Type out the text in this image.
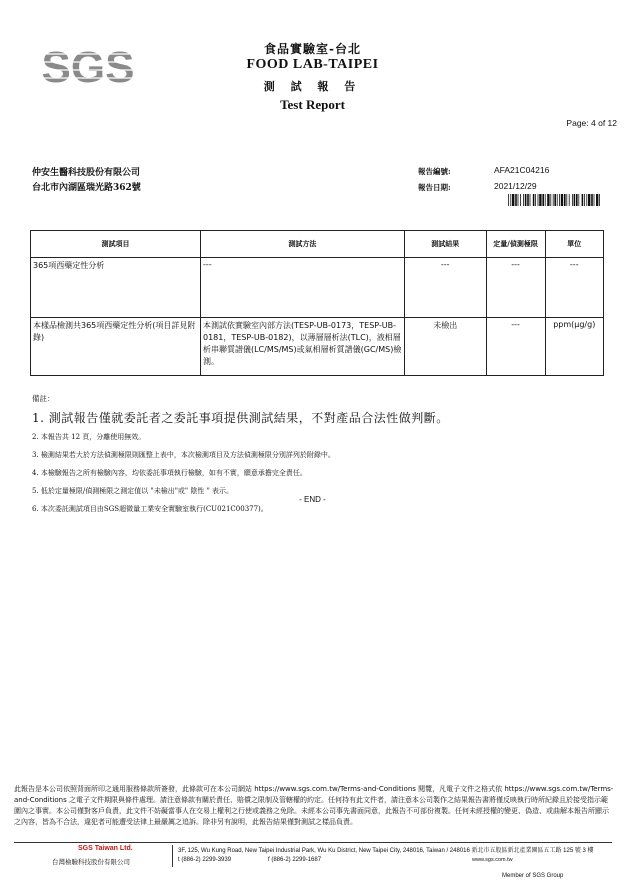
SGS	食品實驗室-台北
FOOD LAB-TAIPEI
測 試 報 告
Test Report
Page: 4 of 12
仲安生醫科技股份有限公司
台北市內湖區瑞光路362號
報告編號:	AFA21C04216
報告日期:	2021/12/29
測試項目	測試方法	測試結果	定量/偵測極限	單位
365項西藥定性分析	---	---	---	---
本樣品檢測共365項西藥定性分析(項目詳見附錄)	本測試依實驗室內部方法(TESP-UB-0173，TESP-UB-0181，TESP-UB-0182)，以薄層層析法(TLC)，液相層析串聯質譜儀(LC/MS/MS)或氣相層析質譜儀(GC/MS)檢測。	未檢出	---	ppm(μg/g)
備註：
1. 測試報告僅就委託者之委託事項提供測試結果，不對產品合法性做判斷。
2. 本報告共 12 頁，分離使用無效。
3. 檢測結果若大於方法偵測極限則匯整上表中，本次檢測項目及方法偵測極限分別詳列於附錄中。
4. 本檢驗報告之所有檢驗內容，均依委託事項執行檢驗，如有不實，願意承擔完全責任。
5. 低於定量極限/偵測極限之測定值以 "未檢出"或" 陰性 " 表示。
6. 本次委託測試項目由SGS超微量工業安全實驗室執行(CU021C00377)。
- END -
此報告是本公司依照背面所印之通用服務條款所簽發，此條款可在本公司網站 https://www.sgs.com.tw/Terms-and-Conditions 閱覽，凡電子文件之格式依 https://www.sgs.com.tw/Terms-and-Conditions 之電子文件期限與條件處理。請注意條款有關於責任、賠償之限制及管轄權的約定。任何持有此文件者，請注意本公司製作之結果報告書將僅反映執行時所紀錄且於接受指示範圍內之事實。本公司僅對客戶負責，此文件不妨礙當事人在交易上權利之行使或義務之免除。未經本公司事先書面同意，此報告不可部份複製。任何未經授權的變更、偽造、或曲解本報告所顯示之內容，皆為不合法，違犯者可能遭受法律上最嚴厲之追訴。除非另有說明，此報告結果僅對測試之樣品負責。
SGS Taiwan Ltd.
台灣檢驗科技股份有限公司
3F, 125, Wu Kung Road, New Taipei Industrial Park, Wu Ku District, New Taipei City, 248016, Taiwan / 248016 新北市五股區新北產業園區五工路 125 號 3 樓
t (886-2) 2299-3939	f (886-2) 2299-1687	www.sgs.com.tw
Member of SGS Group
